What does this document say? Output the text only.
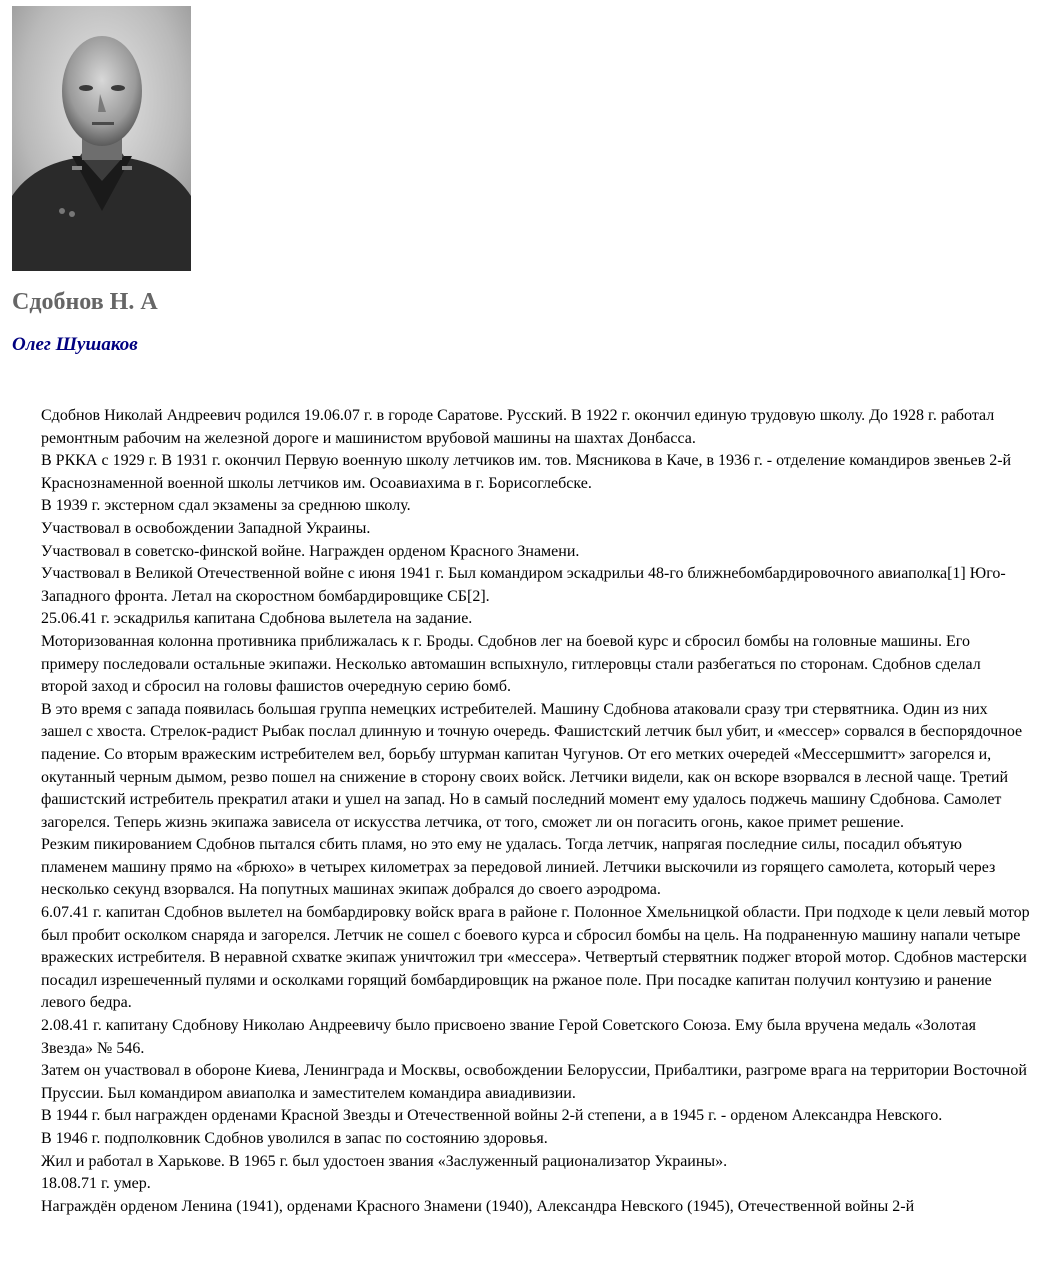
Сдобнов Н. А
Олег Шушаков

Сдобнов Николай Андреевич родился 19.06.07 г. в городе Саратове. Русский. В 1922 г. окончил единую трудовую школу. До 1928 г. работал ремонтным рабочим на железной дороге и машинистом врубовой машины на шахтах Донбасса.

В РККА с 1929 г. В 1931 г. окончил Первую военную школу летчиков им. тов. Мясникова в Каче, в 1936 г. - отделение командиров звеньев 2-й Краснознаменной военной школы летчиков им. Осоавиахима в г. Борисоглебске.

В 1939 г. экстерном сдал экзамены за среднюю школу.

Участвовал в освобождении Западной Украины.

Участвовал в советско-финской войне. Награжден орденом Красного Знамени.

Участвовал в Великой Отечественной войне с июня 1941 г. Был командиром эскадрильи 48-го ближнебомбардировочного авиаполка[1] Юго-Западного фронта. Летал на скоростном бомбардировщике СБ[2].

25.06.41 г. эскадрилья капитана Сдобнова вылетела на задание.

Моторизованная колонна противника приближалась к г. Броды. Сдобнов лег на боевой курс и сбросил бомбы на головные машины. Его примеру последовали остальные экипажи. Несколько автомашин вспыхнуло, гитлеровцы стали разбегаться по сторонам. Сдобнов сделал второй заход и сбросил на головы фашистов очередную серию бомб.

В это время с запада появилась большая группа немецких истребителей. Машину Сдобнова атаковали сразу три стервятника. Один из них зашел с хвоста. Стрелок-радист Рыбак послал длинную и точную очередь. Фашистский летчик был убит, и «мессер» сорвался в беспорядочное падение. Со вторым вражеским истребителем вел, борьбу штурман капитан Чугунов. От его метких очередей «Мессершмитт» загорелся и, окутанный черным дымом, резво пошел на снижение в сторону своих войск. Летчики видели, как он вскоре взорвался в лесной чаще. Третий фашистский истребитель прекратил атаки и ушел на запад. Но в самый последний момент ему удалось поджечь машину Сдобнова. Самолет загорелся. Теперь жизнь экипажа зависела от искусства летчика, от того, сможет ли он погасить огонь, какое примет решение.

Резким пикированием Сдобнов пытался сбить пламя, но это ему не удалась. Тогда летчик, напрягая последние силы, посадил объятую пламенем машину прямо на «брюхо» в четырех километрах за передовой линией. Летчики выскочили из горящего самолета, который через несколько секунд взорвался. На попутных машинах экипаж добрался до своего аэродрома.

6.07.41 г. капитан Сдобнов вылетел на бомбардировку войск врага в районе г. Полонное Хмельницкой области. При подходе к цели левый мотор был пробит осколком снаряда и загорелся. Летчик не сошел с боевого курса и сбросил бомбы на цель. На подраненную машину напали четыре вражеских истребителя. В неравной схватке экипаж уничтожил три «мессера». Четвертый стервятник поджег второй мотор. Сдобнов мастерски посадил изрешеченный пулями и осколками горящий бомбардировщик на ржаное поле. При посадке капитан получил контузию и ранение левого бедра.

2.08.41 г. капитану Сдобнову Николаю Андреевичу было присвоено звание Герой Советского Союза. Ему была вручена медаль «Золотая Звезда» № 546.

Затем он участвовал в обороне Киева, Ленинграда и Москвы, освобождении Белоруссии, Прибалтики, разгроме врага на территории Восточной Пруссии. Был командиром авиаполка и заместителем командира авиадивизии.

В 1944 г. был награжден орденами Красной Звезды и Отечественной войны 2-й степени, а в 1945 г. - орденом Александра Невского.

В 1946 г. подполковник Сдобнов уволился в запас по состоянию здоровья.

Жил и работал в Харькове. В 1965 г. был удостоен звания «Заслуженный рационализатор Украины».

18.08.71 г. умер.

Награждён орденом Ленина (1941), орденами Красного Знамени (1940), Александра Невского (1945), Отечественной войны 2-й
